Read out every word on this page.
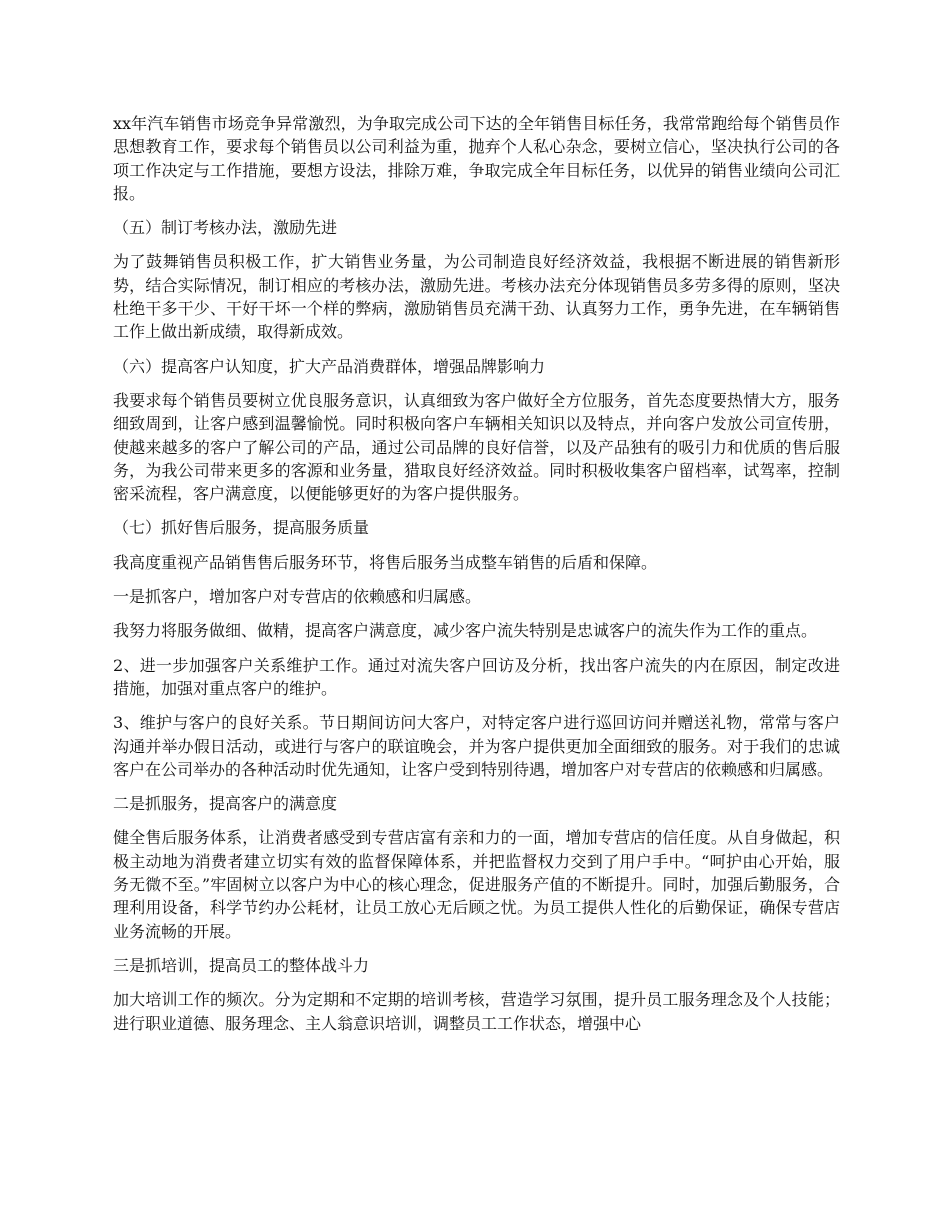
xx年汽车销售市场竞争异常激烈，为争取完成公司下达的全年销售目标任务，我常常跑给每个销售员作思想教育工作，要求每个销售员以公司利益为重，抛弃个人私心杂念，要树立信心，坚决执行公司的各项工作决定与工作措施，要想方设法，排除万难，争取完成全年目标任务，以优异的销售业绩向公司汇报。

（五）制订考核办法，激励先进

为了鼓舞销售员积极工作，扩大销售业务量，为公司制造良好经济效益，我根据不断进展的销售新形势，结合实际情况，制订相应的考核办法，激励先进。考核办法充分体现销售员多劳多得的原则，坚决杜绝干多干少、干好干坏一个样的弊病，激励销售员充满干劲、认真努力工作，勇争先进，在车辆销售工作上做出新成绩，取得新成效。

（六）提高客户认知度，扩大产品消费群体，增强品牌影响力

我要求每个销售员要树立优良服务意识，认真细致为客户做好全方位服务，首先态度要热情大方，服务细致周到，让客户感到温馨愉悦。同时积极向客户车辆相关知识以及特点，并向客户发放公司宣传册，使越来越多的客户了解公司的产品，通过公司品牌的良好信誉，以及产品独有的吸引力和优质的售后服务，为我公司带来更多的客源和业务量，猎取良好经济效益。同时积极收集客户留档率，试驾率，控制密采流程，客户满意度，以便能够更好的为客户提供服务。

（七）抓好售后服务，提高服务质量

我高度重视产品销售售后服务环节，将售后服务当成整车销售的后盾和保障。

一是抓客户，增加客户对专营店的依赖感和归属感。

我努力将服务做细、做精，提高客户满意度，减少客户流失特别是忠诚客户的流失作为工作的重点。

2、进一步加强客户关系维护工作。通过对流失客户回访及分析，找出客户流失的内在原因，制定改进措施，加强对重点客户的维护。

3、维护与客户的良好关系。节日期间访问大客户，对特定客户进行巡回访问并赠送礼物，常常与客户沟通并举办假日活动，或进行与客户的联谊晚会，并为客户提供更加全面细致的服务。对于我们的忠诚客户在公司举办的各种活动时优先通知，让客户受到特别待遇，增加客户对专营店的依赖感和归属感。

二是抓服务，提高客户的满意度

健全售后服务体系，让消费者感受到专营店富有亲和力的一面，增加专营店的信任度。从自身做起，积极主动地为消费者建立切实有效的监督保障体系，并把监督权力交到了用户手中。“呵护由心开始，服务无微不至。”牢固树立以客户为中心的核心理念，促进服务产值的不断提升。同时，加强后勤服务，合理利用设备，科学节约办公耗材，让员工放心无后顾之忧。为员工提供人性化的后勤保证，确保专营店业务流畅的开展。

三是抓培训，提高员工的整体战斗力

加大培训工作的频次。分为定期和不定期的培训考核，营造学习氛围，提升员工服务理念及个人技能；进行职业道德、服务理念、主人翁意识培训，调整员工工作状态，增强中心
